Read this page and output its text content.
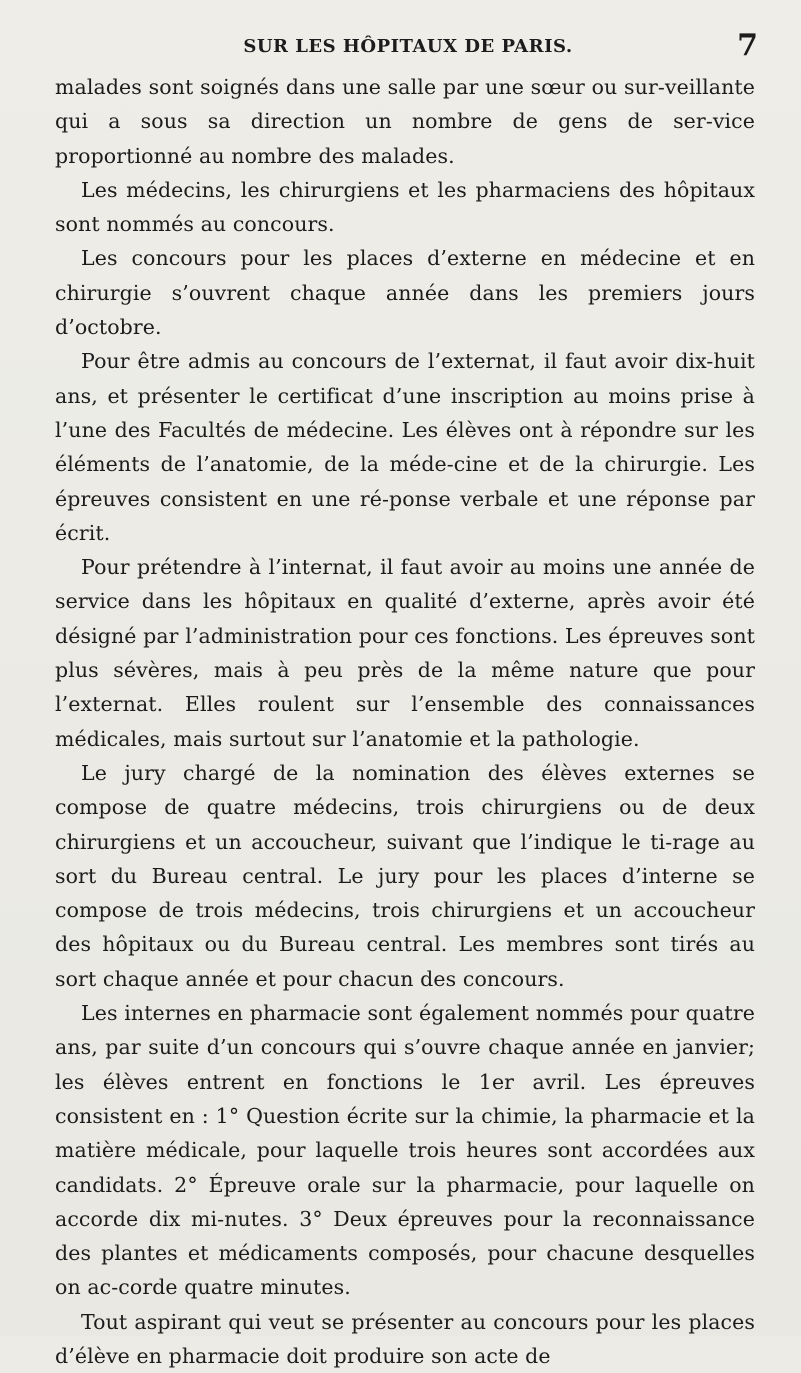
SUR LES HÔPITAUX DE PARIS.	7

malades sont soignés dans une salle par une sœur ou sur-veillante qui a sous sa direction un nombre de gens de ser-vice proportionné au nombre des malades.

Les médecins, les chirurgiens et les pharmaciens des hôpitaux sont nommés au concours.

Les concours pour les places d’externe en médecine et en chirurgie s’ouvrent chaque année dans les premiers jours d’octobre.

Pour être admis au concours de l’externat, il faut avoir dix-huit ans, et présenter le certificat d’une inscription au moins prise à l’une des Facultés de médecine. Les élèves ont à répondre sur les éléments de l’anatomie, de la méde-cine et de la chirurgie. Les épreuves consistent en une ré-ponse verbale et une réponse par écrit.

Pour prétendre à l’internat, il faut avoir au moins une année de service dans les hôpitaux en qualité d’externe, après avoir été désigné par l’administration pour ces fonctions. Les épreuves sont plus sévères, mais à peu près de la même nature que pour l’externat. Elles roulent sur l’ensemble des connaissances médicales, mais surtout sur l’anatomie et la pathologie.

Le jury chargé de la nomination des élèves externes se compose de quatre médecins, trois chirurgiens ou de deux chirurgiens et un accoucheur, suivant que l’indique le ti-rage au sort du Bureau central. Le jury pour les places d’interne se compose de trois médecins, trois chirurgiens et un accoucheur des hôpitaux ou du Bureau central. Les membres sont tirés au sort chaque année et pour chacun des concours.

Les internes en pharmacie sont également nommés pour quatre ans, par suite d’un concours qui s’ouvre chaque année en janvier; les élèves entrent en fonctions le 1er avril. Les épreuves consistent en : 1° Question écrite sur la chimie, la pharmacie et la matière médicale, pour laquelle trois heures sont accordées aux candidats. 2° Épreuve orale sur la pharmacie, pour laquelle on accorde dix mi-nutes. 3° Deux épreuves pour la reconnaissance des plantes et médicaments composés, pour chacune desquelles on ac-corde quatre minutes.

Tout aspirant qui veut se présenter au concours pour les places d’élève en pharmacie doit produire son acte de
